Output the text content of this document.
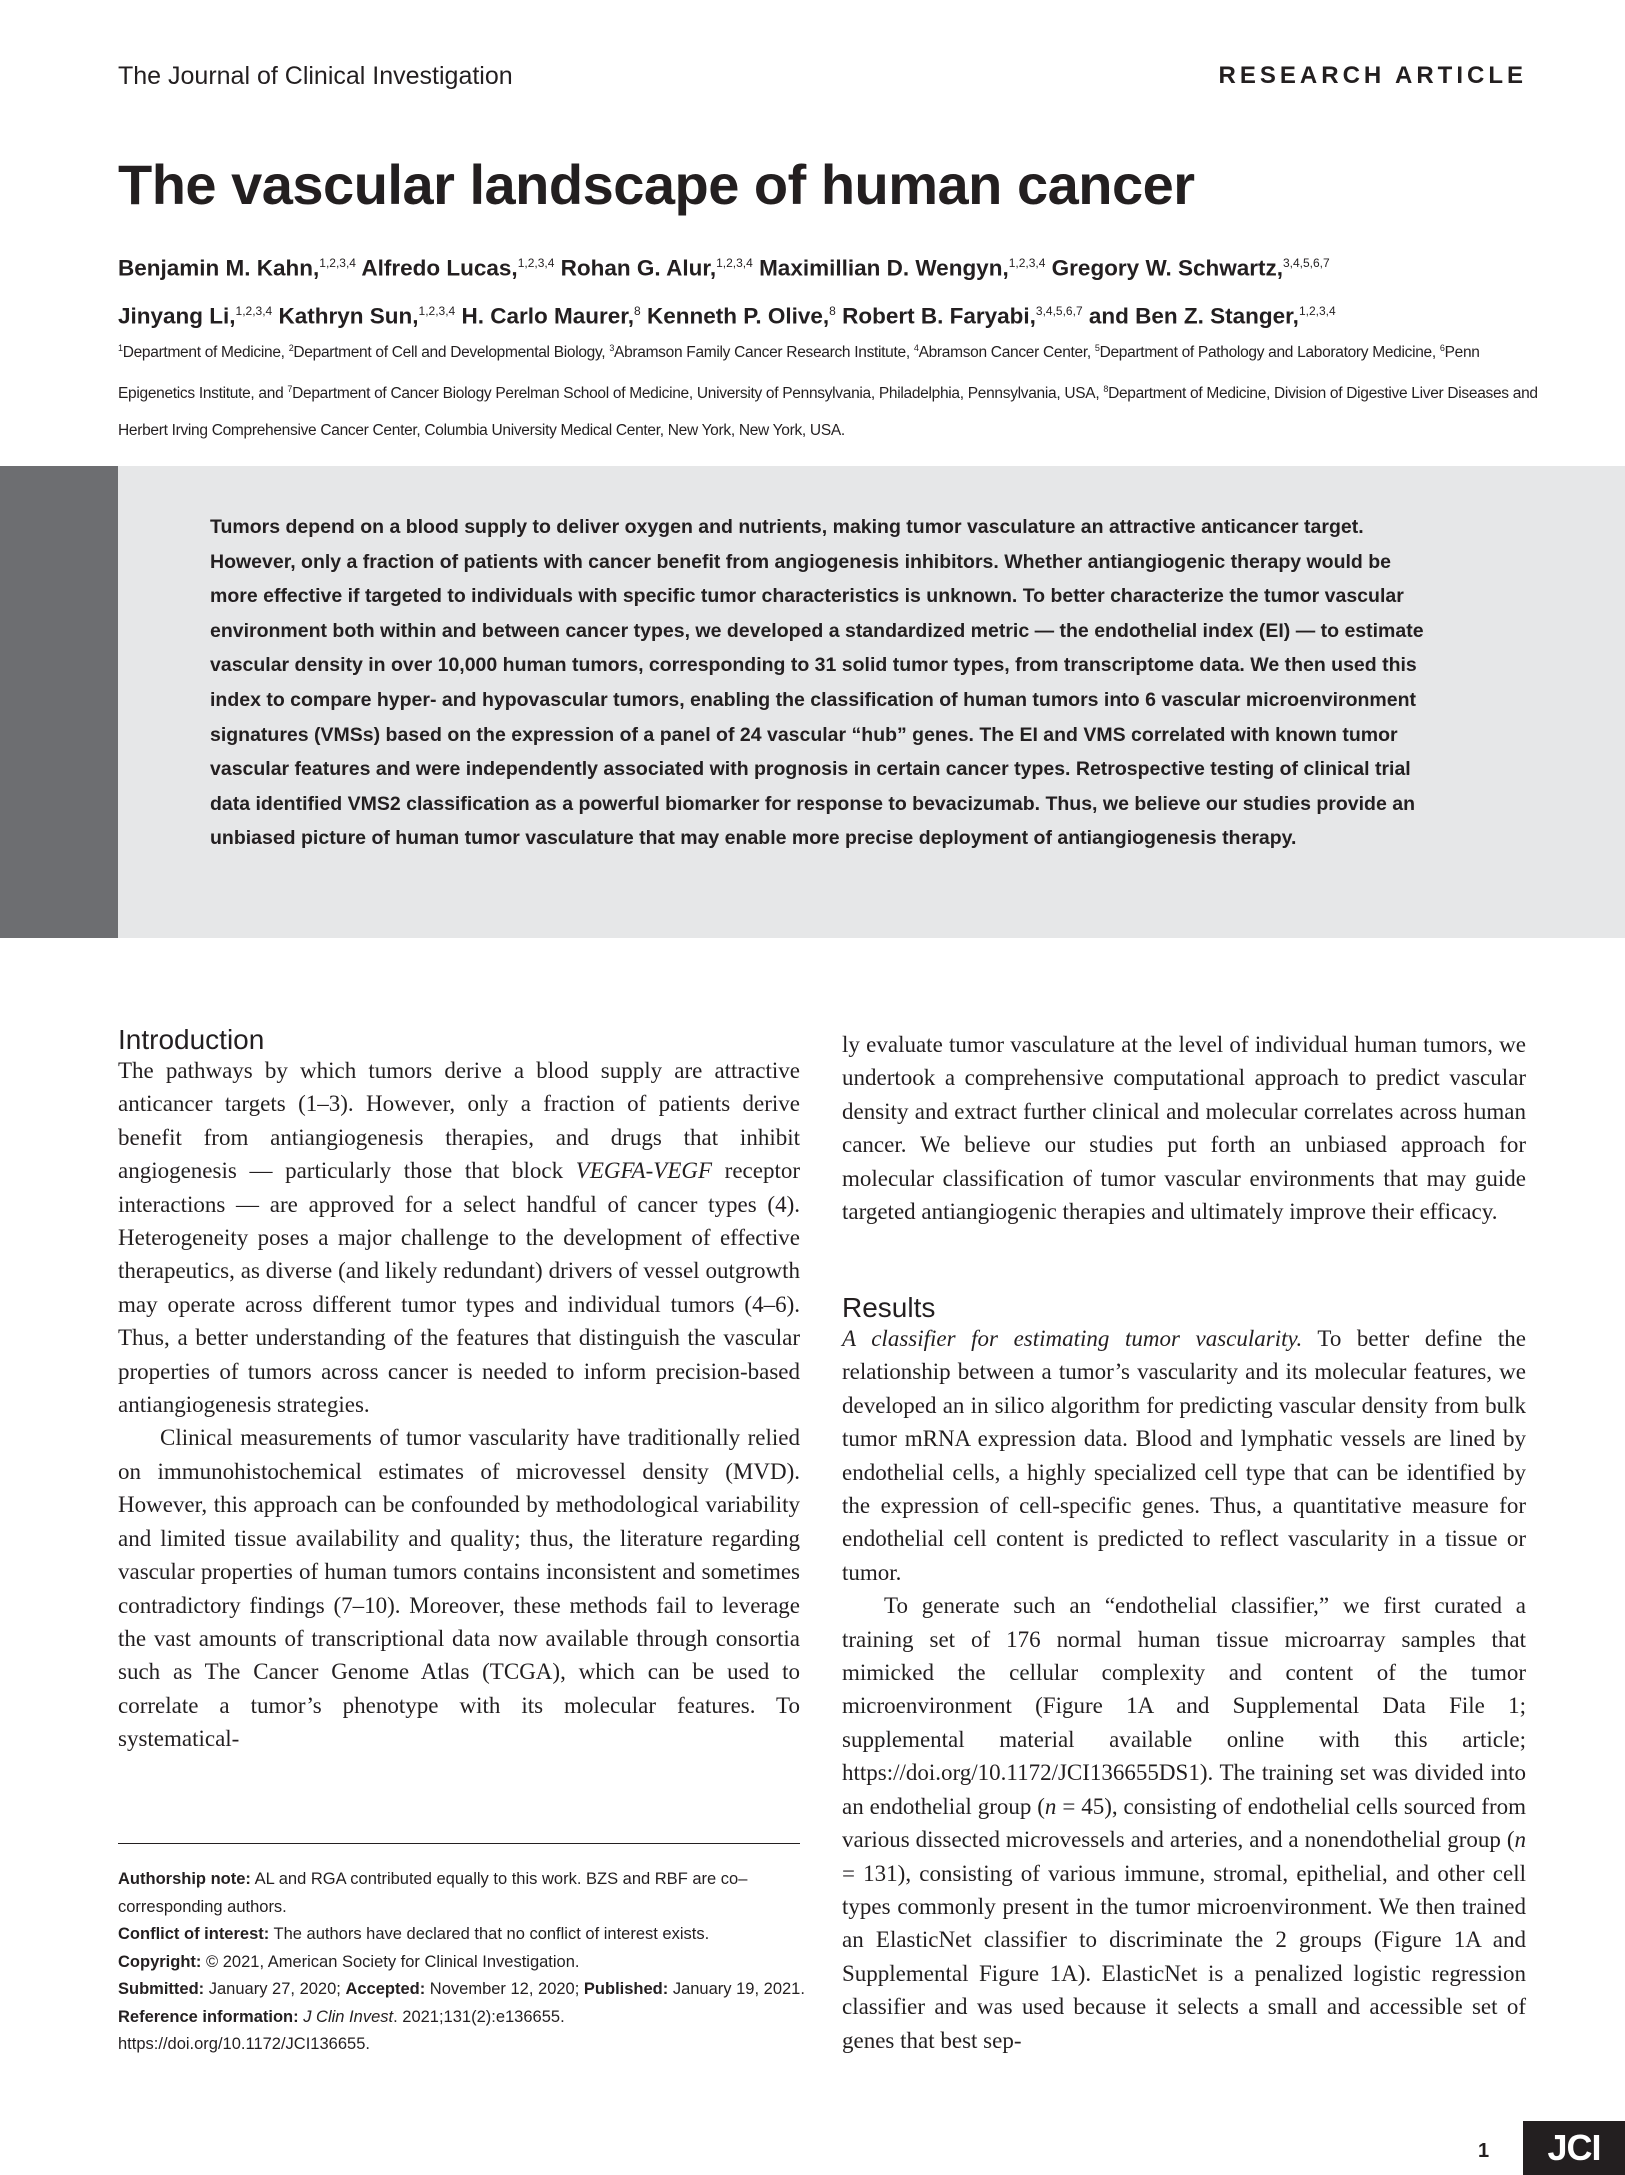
The Journal of Clinical Investigation	RESEARCH ARTICLE
The vascular landscape of human cancer
Benjamin M. Kahn,$^{1,2,3,4}$ Alfredo Lucas,$^{1,2,3,4}$ Rohan G. Alur,$^{1,2,3,4}$ Maximillian D. Wengyn,$^{1,2,3,4}$ Gregory W. Schwartz,$^{3,4,5,6,7}$
Jinyang Li,$^{1,2,3,4}$ Kathryn Sun,$^{1,2,3,4}$ H. Carlo Maurer,$^8$ Kenneth P. Olive,$^8$ Robert B. Faryabi,$^{3,4,5,6,7}$ and Ben Z. Stanger,$^{1,2,3,4}$
$^1$Department of Medicine, $^2$Department of Cell and Developmental Biology, $^3$Abramson Family Cancer Research Institute, $^4$Abramson Cancer Center, $^5$Department of Pathology and Laboratory Medicine, $^6$Penn Epigenetics Institute, and $^7$Department of Cancer Biology Perelman School of Medicine, University of Pennsylvania, Philadelphia, Pennsylvania, USA, $^8$Department of Medicine, Division of Digestive Liver Diseases and Herbert Irving Comprehensive Cancer Center, Columbia University Medical Center, New York, New York, USA.
Tumors depend on a blood supply to deliver oxygen and nutrients, making tumor vasculature an attractive anticancer target. However, only a fraction of patients with cancer benefit from angiogenesis inhibitors. Whether antiangiogenic therapy would be more effective if targeted to individuals with specific tumor characteristics is unknown. To better characterize the tumor vascular environment both within and between cancer types, we developed a standardized metric — the endothelial index (EI) — to estimate vascular density in over 10,000 human tumors, corresponding to 31 solid tumor types, from transcriptome data. We then used this index to compare hyper- and hypovascular tumors, enabling the classification of human tumors into 6 vascular microenvironment signatures (VMSs) based on the expression of a panel of 24 vascular “hub” genes. The EI and VMS correlated with known tumor vascular features and were independently associated with prognosis in certain cancer types. Retrospective testing of clinical trial data identified VMS2 classification as a powerful biomarker for response to bevacizumab. Thus, we believe our studies provide an unbiased picture of human tumor vasculature that may enable more precise deployment of antiangiogenesis therapy.
Introduction

The pathways by which tumors derive a blood supply are attractive anticancer targets (1–3). However, only a fraction of patients derive benefit from antiangiogenesis therapies, and drugs that inhibit angiogenesis — particularly those that block VEGFA-VEGF receptor interactions — are approved for a select handful of cancer types (4). Heterogeneity poses a major challenge to the development of effective therapeutics, as diverse (and likely redundant) drivers of vessel outgrowth may operate across different tumor types and individual tumors (4–6). Thus, a better understanding of the features that distinguish the vascular properties of tumors across cancer is needed to inform precision-based antiangiogenesis strategies.

Clinical measurements of tumor vascularity have traditionally relied on immunohistochemical estimates of microvessel density (MVD). However, this approach can be confounded by methodological variability and limited tissue availability and quality; thus, the literature regarding vascular properties of human tumors contains inconsistent and sometimes contradictory findings (7–10). Moreover, these methods fail to leverage the vast amounts of transcriptional data now available through consortia such as The Cancer Genome Atlas (TCGA), which can be used to correlate a tumor’s phenotype with its molecular features. To systematical-

ly evaluate tumor vasculature at the level of individual human tumors, we undertook a comprehensive computational approach to predict vascular density and extract further clinical and molecular correlates across human cancer. We believe our studies put forth an unbiased approach for molecular classification of tumor vascular environments that may guide targeted antiangiogenic therapies and ultimately improve their efficacy.

Results

A classifier for estimating tumor vascularity. To better define the relationship between a tumor’s vascularity and its molecular features, we developed an in silico algorithm for predicting vascular density from bulk tumor mRNA expression data. Blood and lymphatic vessels are lined by endothelial cells, a highly specialized cell type that can be identified by the expression of cell-specific genes. Thus, a quantitative measure for endothelial cell content is predicted to reflect vascularity in a tissue or tumor.

To generate such an “endothelial classifier,” we first curated a training set of 176 normal human tissue microarray samples that mimicked the cellular complexity and content of the tumor microenvironment (Figure 1A and Supplemental Data File 1; supplemental material available online with this article; https://doi.org/10.1172/JCI136655DS1). The training set was divided into an endothelial group (n = 45), consisting of endothelial cells sourced from various dissected microvessels and arteries, and a nonendothelial group (n = 131), consisting of various immune, stromal, epithelial, and other cell types commonly present in the tumor microenvironment. We then trained an ElasticNet classifier to discriminate the 2 groups (Figure 1A and Supplemental Figure 1A). ElasticNet is a penalized logistic regression classifier and was used because it selects a small and accessible set of genes that best sep-

Authorship note: AL and RGA contributed equally to this work. BZS and RBF are co–corresponding authors.
Conflict of interest: The authors have declared that no conflict of interest exists.
Copyright: © 2021, American Society for Clinical Investigation.
Submitted: January 27, 2020; Accepted: November 12, 2020; Published: January 19, 2021.
Reference information: J Clin Invest. 2021;131(2):e136655.
https://doi.org/10.1172/JCI136655.
1	JCI
